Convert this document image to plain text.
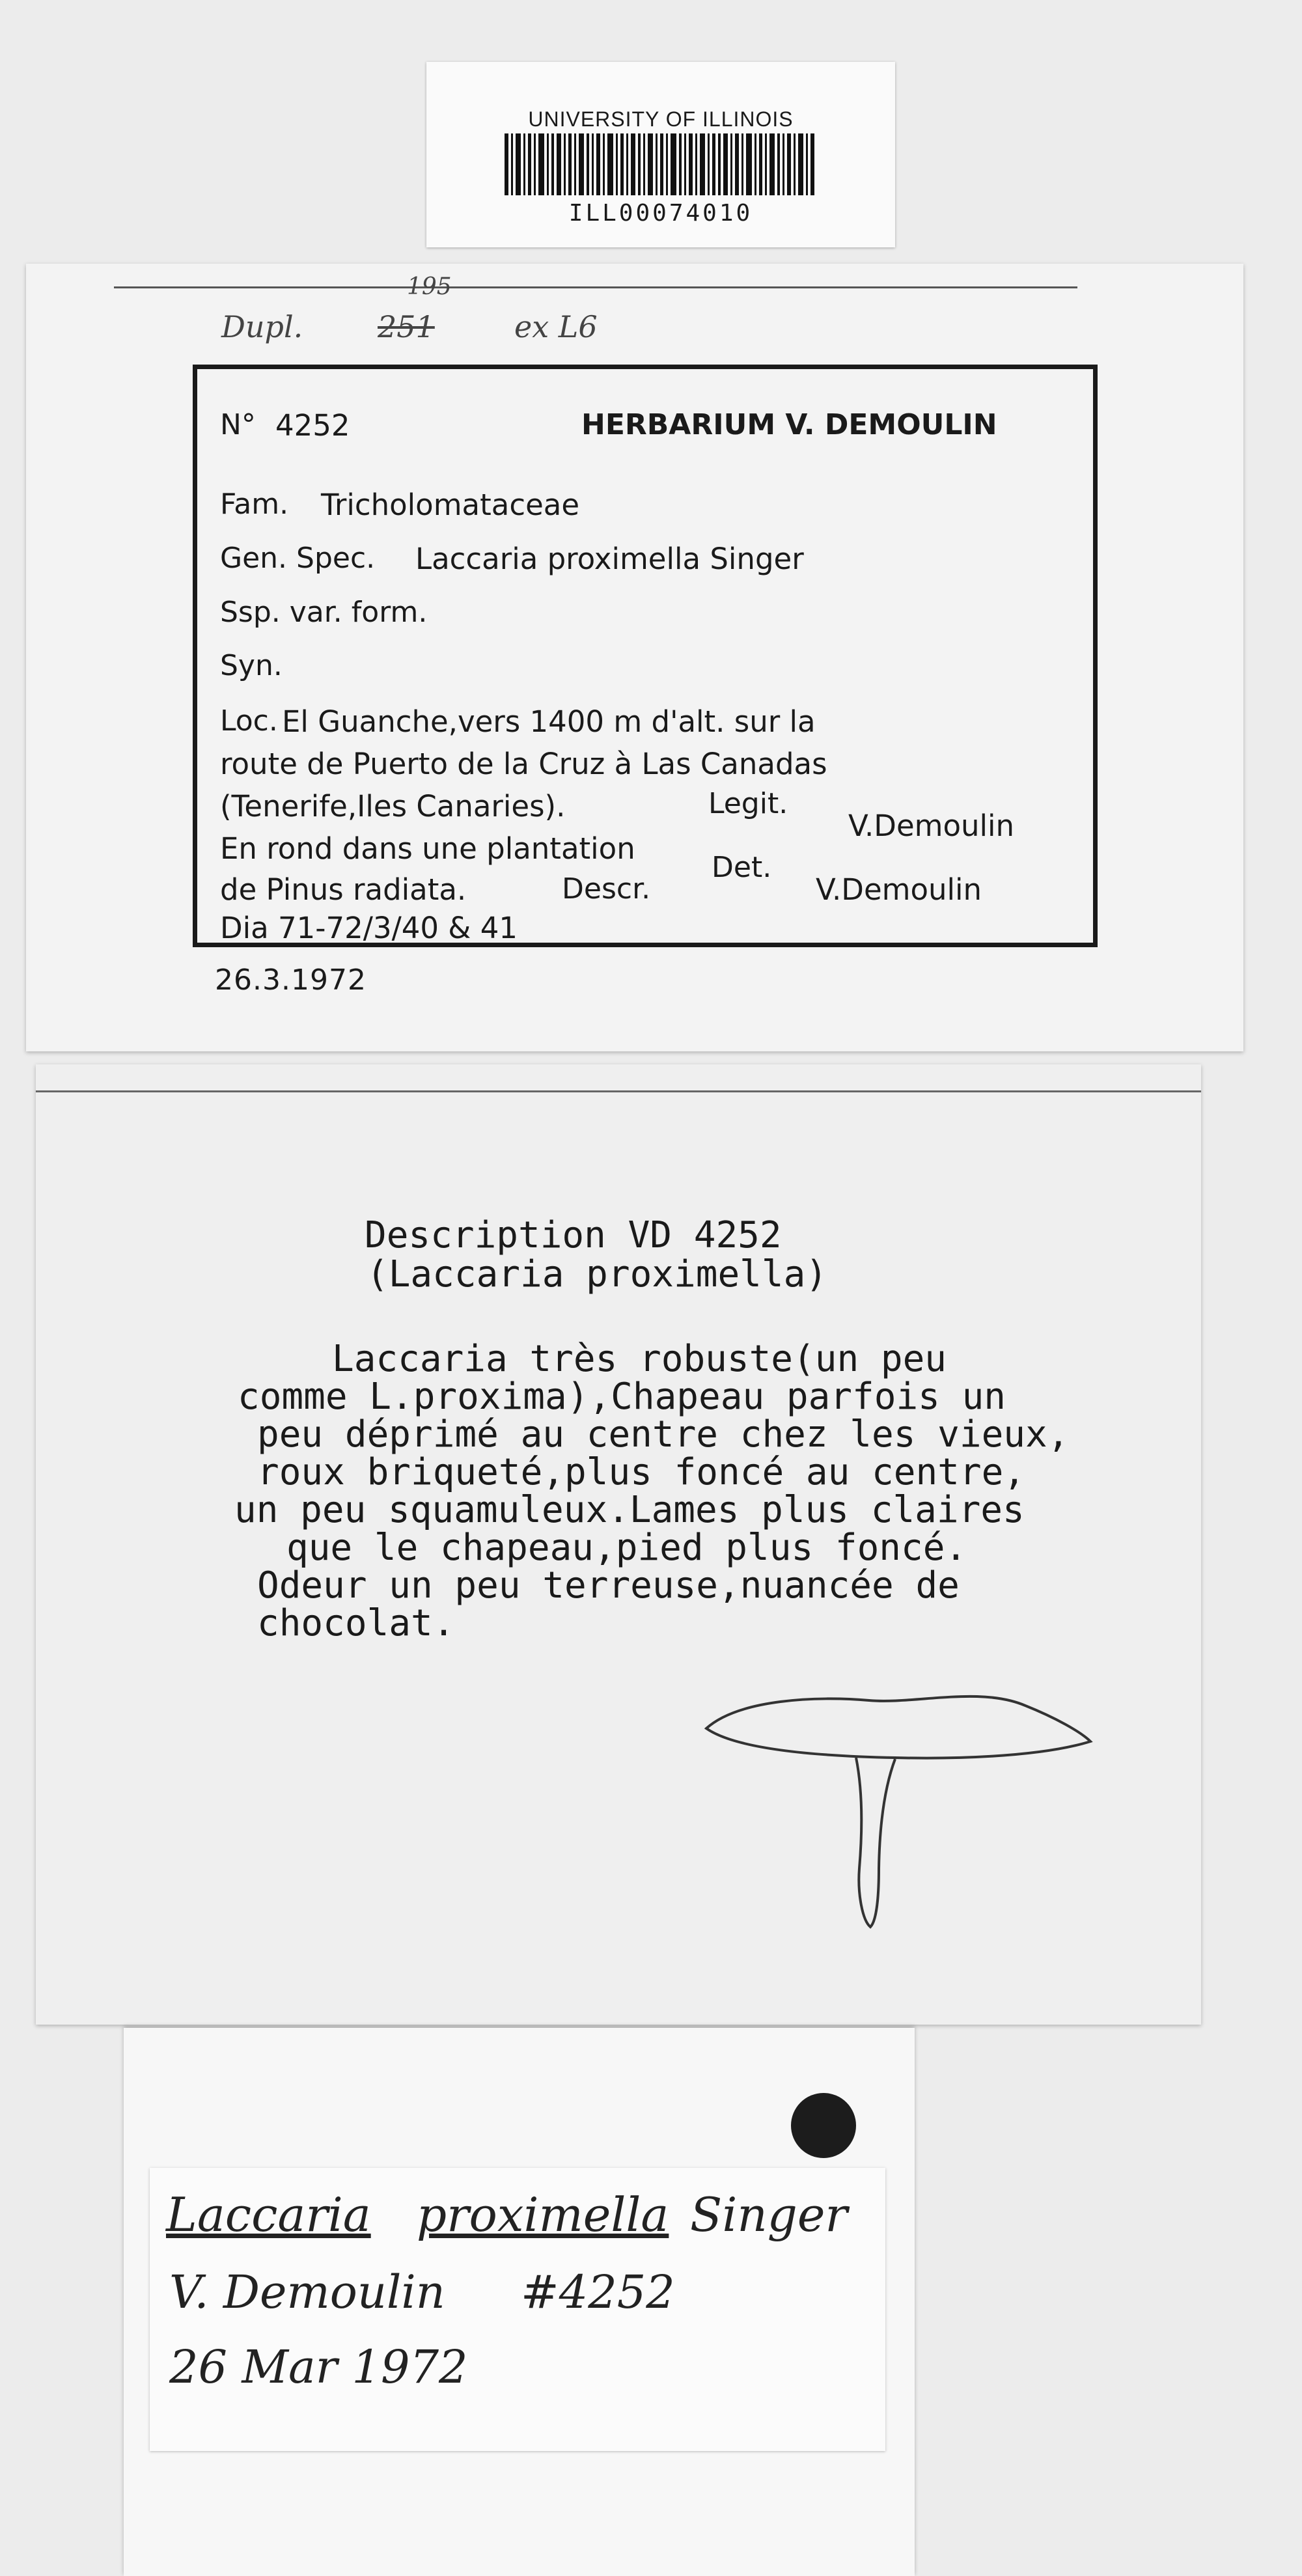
UNIVERSITY OF ILLINOIS
ILL00074010
Dupl. 251
195
ex L6
N° 4252	HERBARIUM V. DEMOULIN
Fam. Tricholomataceae
Gen. Spec. Laccaria proximella Singer
Ssp. var. form.
Syn.
Loc. El Guanche,vers 1400 m d'alt. sur la
route de Puerto de la Cruz à Las Canadas
(Tenerife,Iles Canaries).	Legit.
V.Demoulin
En rond dans une plantation
de Pinus radiata.	Descr.
Det.
V.Demoulin
Dia 71-72/3/40 & 41
26.3.1972
Description VD 4252
(Laccaria proximella)
Laccaria très robuste(un peu
comme L.proxima),Chapeau parfois un
peu déprimé au centre chez les vieux,
roux briqueté,plus foncé au centre,
un peu squamuleux.Lames plus claires
que le chapeau,pied plus foncé.
Odeur un peu terreuse,nuancée de
chocolat.
Laccaria proximella Singer
V. Demoulin #4252
26 Mar 1972
